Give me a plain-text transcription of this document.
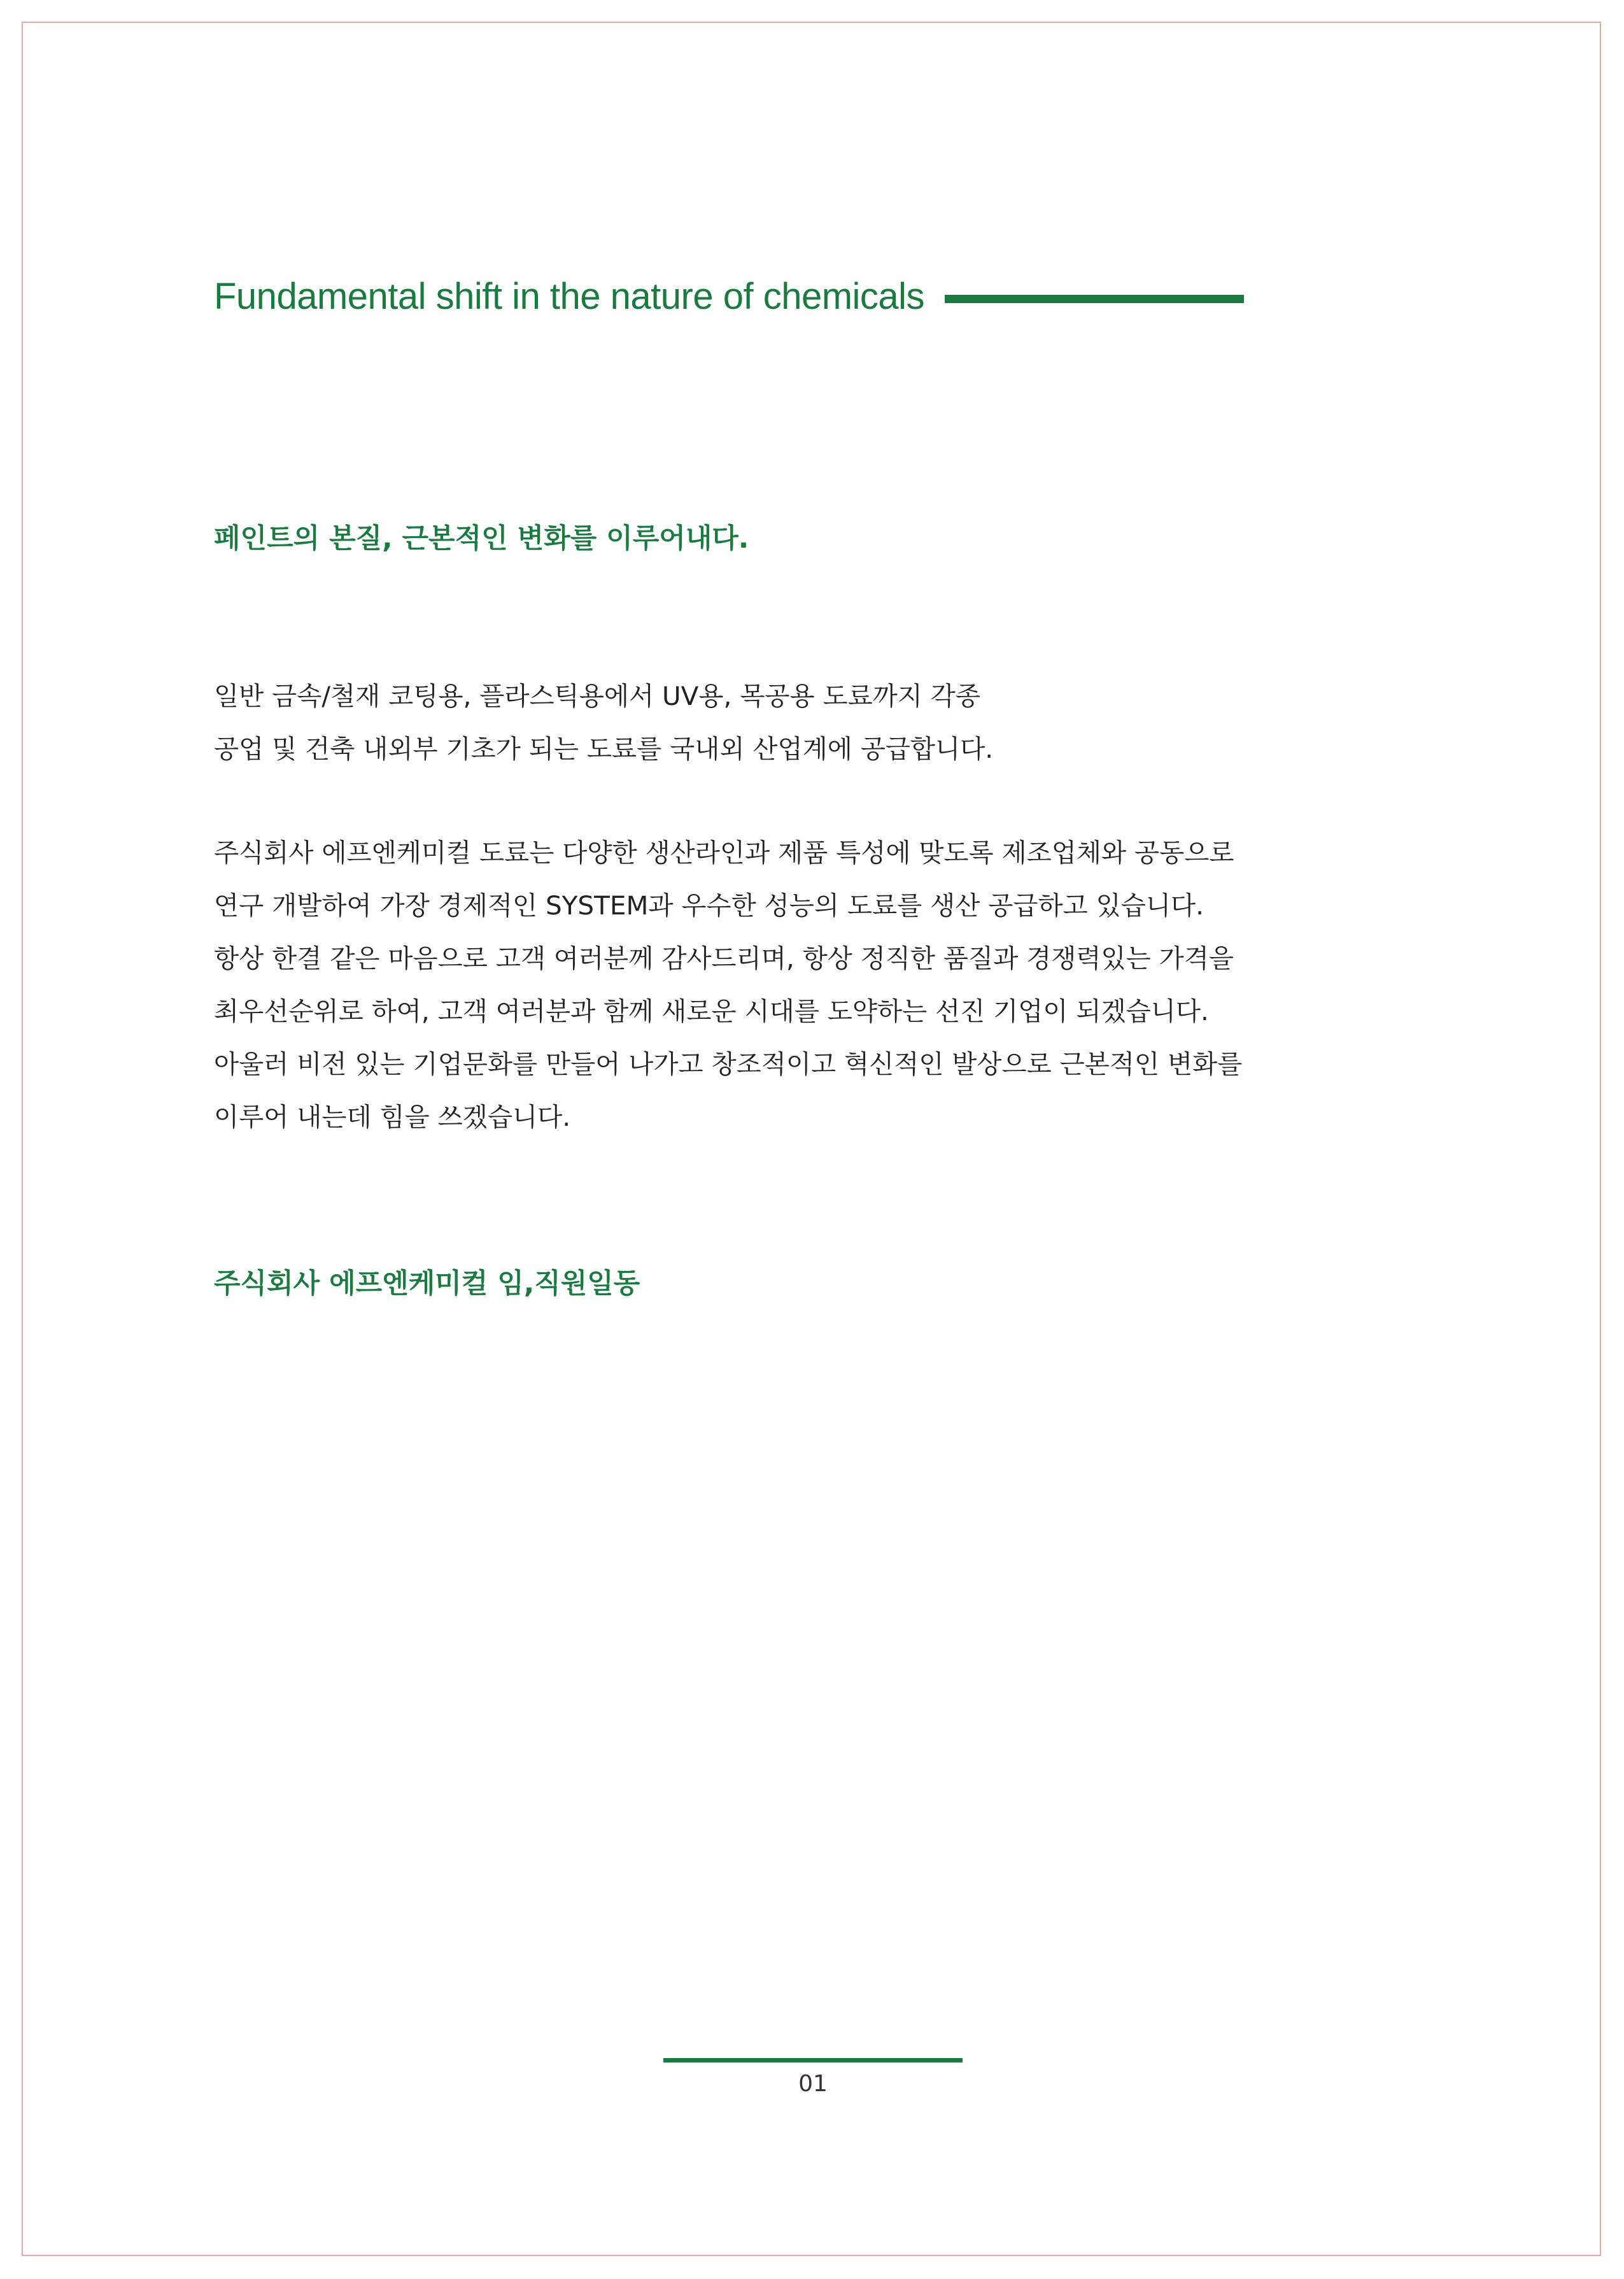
Fundamental shift in the nature of chemicals
페인트의 본질, 근본적인 변화를 이루어내다.

일반 금속/철재 코팅용, 플라스틱용에서 UV용, 목공용 도료까지 각종
공업 및 건축 내외부 기초가 되는 도료를 국내외 산업계에 공급합니다.

주식회사 에프엔케미컬 도료는 다양한 생산라인과 제품 특성에 맞도록 제조업체와 공동으로
연구 개발하여 가장 경제적인 SYSTEM과 우수한 성능의 도료를 생산 공급하고 있습니다.
항상 한결 같은 마음으로 고객 여러분께 감사드리며, 항상 정직한 품질과 경쟁력있는 가격을
최우선순위로 하여, 고객 여러분과 함께 새로운 시대를 도약하는 선진 기업이 되겠습니다.
아울러 비전 있는 기업문화를 만들어 나가고 창조적이고 혁신적인 발상으로 근본적인 변화를
이루어 내는데 힘을 쓰겠습니다.

주식회사 에프엔케미컬 임,직원일동
01
